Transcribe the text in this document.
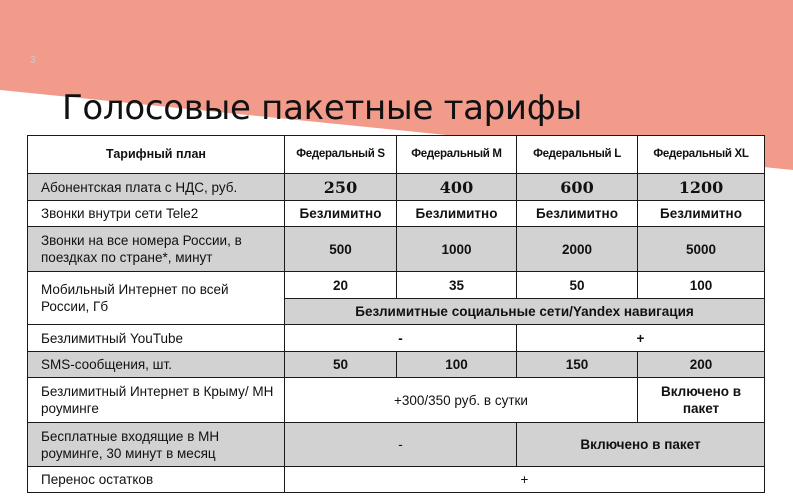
3
Голосовые пакетные тарифы
Тарифный план	Федеральный S	Федеральный M	Федеральный L	Федеральный XL
Абонентская плата с НДС, руб.	250	400	600	1200
Звонки внутри сети Tele2	Безлимитно	Безлимитно	Безлимитно	Безлимитно
Звонки на все номера России, в поездках по стране*, минут	500	1000	2000	5000
Мобильный Интернет по всей России, Гб	20	35	50	100
	Безлимитные социальные сети/Yandex навигация			
Безлимитный YouTube	-		+	
SMS-сообщения, шт.	50	100	150	200
Безлимитный Интернет в Крыму/ МН роуминге	+300/350 руб. в сутки			Включено в пакет
Бесплатные входящие в МН роуминге, 30 минут в месяц	-		Включено в пакет	
Перенос остатков	+			
